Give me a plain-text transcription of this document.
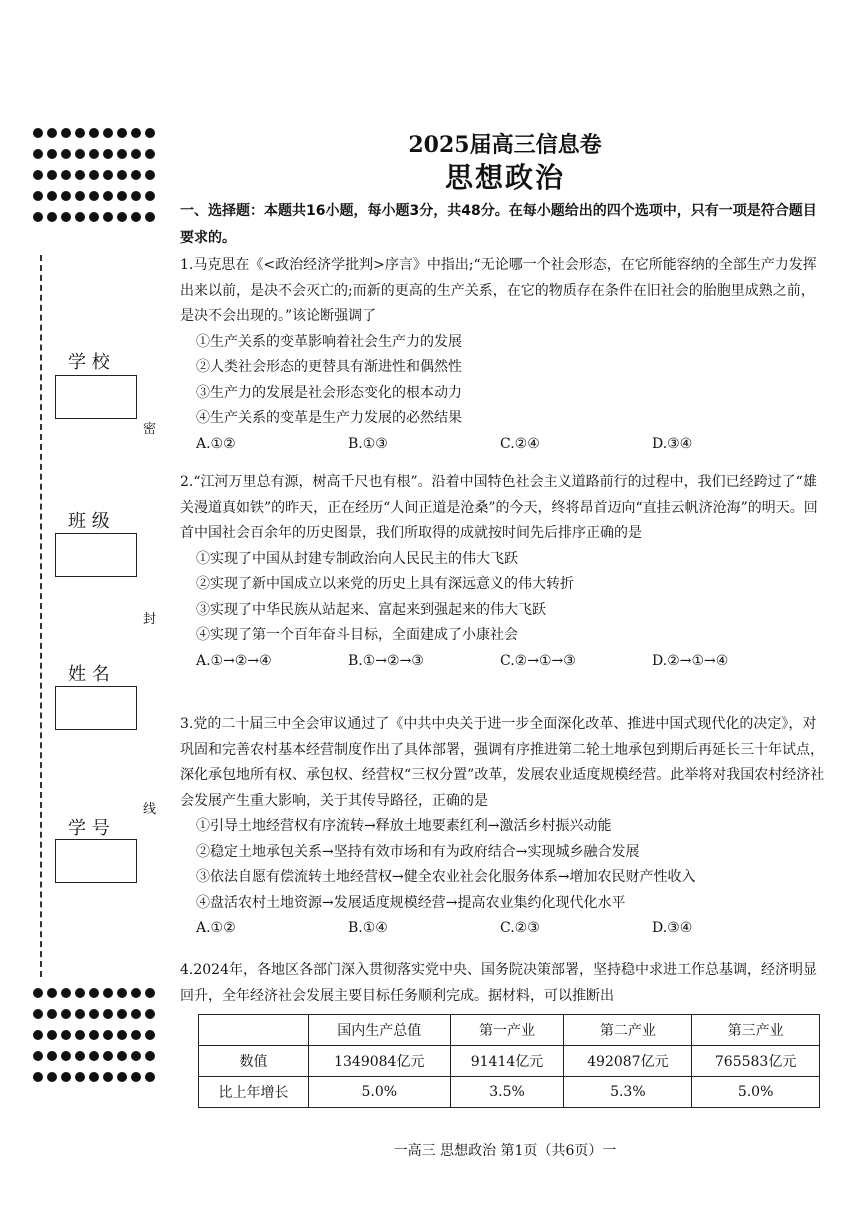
学 校
班 级
姓 名
学 号
密
封
线
2025届高三信息卷
思想政治
一、选择题：本题共16小题，每小题3分，共48分。在每小题给出的四个选项中，只有一项是符合题目要求的。

1.马克思在《<政治经济学批判>序言》中指出;“无论哪一个社会形态，在它所能容纳的全部生产力发挥出来以前，是决不会灭亡的;而新的更高的生产关系，在它的物质存在条件在旧社会的胎胞里成熟之前，是决不会出现的。”该论断强调了

①生产关系的变革影响着社会生产力的发展

②人类社会形态的更替具有渐进性和偶然性

③生产力的发展是社会形态变化的根本动力

④生产关系的变革是生产力发展的必然结果

A.①②	B.①③	C.②④	D.③④

2.“江河万里总有源，树高千尺也有根”。沿着中国特色社会主义道路前行的过程中，我们已经跨过了“雄关漫道真如铁”的昨天，正在经历“人间正道是沧桑”的今天，终将昂首迈向“直挂云帆济沧海”的明天。回首中国社会百余年的历史图景，我们所取得的成就按时间先后排序正确的是

①实现了中国从封建专制政治向人民民主的伟大飞跃

②实现了新中国成立以来党的历史上具有深远意义的伟大转折

③实现了中华民族从站起来、富起来到强起来的伟大飞跃

④实现了第一个百年奋斗目标，全面建成了小康社会

A.①→②→④	B.①→②→③	C.②→①→③	D.②→①→④

3.党的二十届三中全会审议通过了《中共中央关于进一步全面深化改革、推进中国式现代化的决定》，对巩固和完善农村基本经营制度作出了具体部署，强调有序推进第二轮土地承包到期后再延长三十年试点，深化承包地所有权、承包权、经营权“三权分置”改革，发展农业适度规模经营。此举将对我国农村经济社会发展产生重大影响，关于其传导路径，正确的是

①引导土地经营权有序流转→释放土地要素红利→激活乡村振兴动能

②稳定土地承包关系→坚持有效市场和有为政府结合→实现城乡融合发展

③依法自愿有偿流转土地经营权→健全农业社会化服务体系→增加农民财产性收入

④盘活农村土地资源→发展适度规模经营→提高农业集约化现代化水平

A.①②	B.①④	C.②③	D.③④

4.2024年，各地区各部门深入贯彻落实党中央、国务院决策部署，坚持稳中求进工作总基调，经济明显回升，全年经济社会发展主要目标任务顺利完成。据材料，可以推断出

	国内生产总值	第一产业	第二产业	第三产业
数值	1349084亿元	91414亿元	492087亿元	765583亿元
比上年增长	5.0%	3.5%	5.3%	5.0%
一高三 思想政治 第1页（共6页）一
